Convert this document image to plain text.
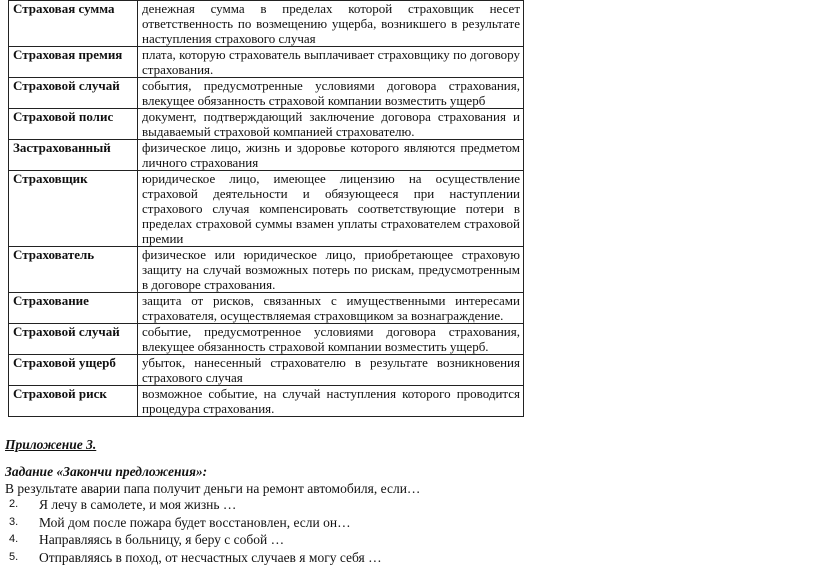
Страховая сумма	денежная сумма в пределах которой страховщик несет ответственность по возмещению ущерба, возникшего в результате наступления страхового случая
Страховая премия	плата, которую страхователь выплачивает страховщику по договору страхования.
Страховой случай	события, предусмотренные условиями договора страхования, влекущее обязанность страховой компании возместить ущерб
Страховой полис	документ, подтверждающий заключение договора страхования и выдаваемый страховой компанией страхователю.
Застрахованный	физическое лицо, жизнь и здоровье которого являются предметом личного страхования
Страховщик	юридическое лицо, имеющее лицензию на осуществление страховой деятельности и обязующееся при наступлении страхового случая компенсировать соответствующие потери в пределах страховой суммы взамен уплаты страхователем страховой премии
Страхователь	физическое или юридическое лицо, приобретающее страховую защиту на случай возможных потерь по рискам, предусмотренным в договоре страхования.
Страхование	защита от рисков, связанных с имущественными интересами страхователя, осуществляемая страховщиком за вознаграждение.
Страховой случай	событие, предусмотренное условиями договора страхования, влекущее обязанность страховой компании возместить ущерб.
Страховой ущерб	убыток, нанесенный страхователю в результате возникновения страхового случая
Страховой риск	возможное событие, на случай наступления которого проводится процедура страхования.
Приложение 3.
Задание «Закончи предложения»:
В результате аварии папа получит деньги на ремонт автомобиля, если…
2. Я лечу в самолете, и моя жизнь …
3. Мой дом после пожара будет восстановлен, если он…
4. Направляясь в больницу, я беру с собой …
5. Отправляясь в поход, от несчастных случаев я могу себя …
